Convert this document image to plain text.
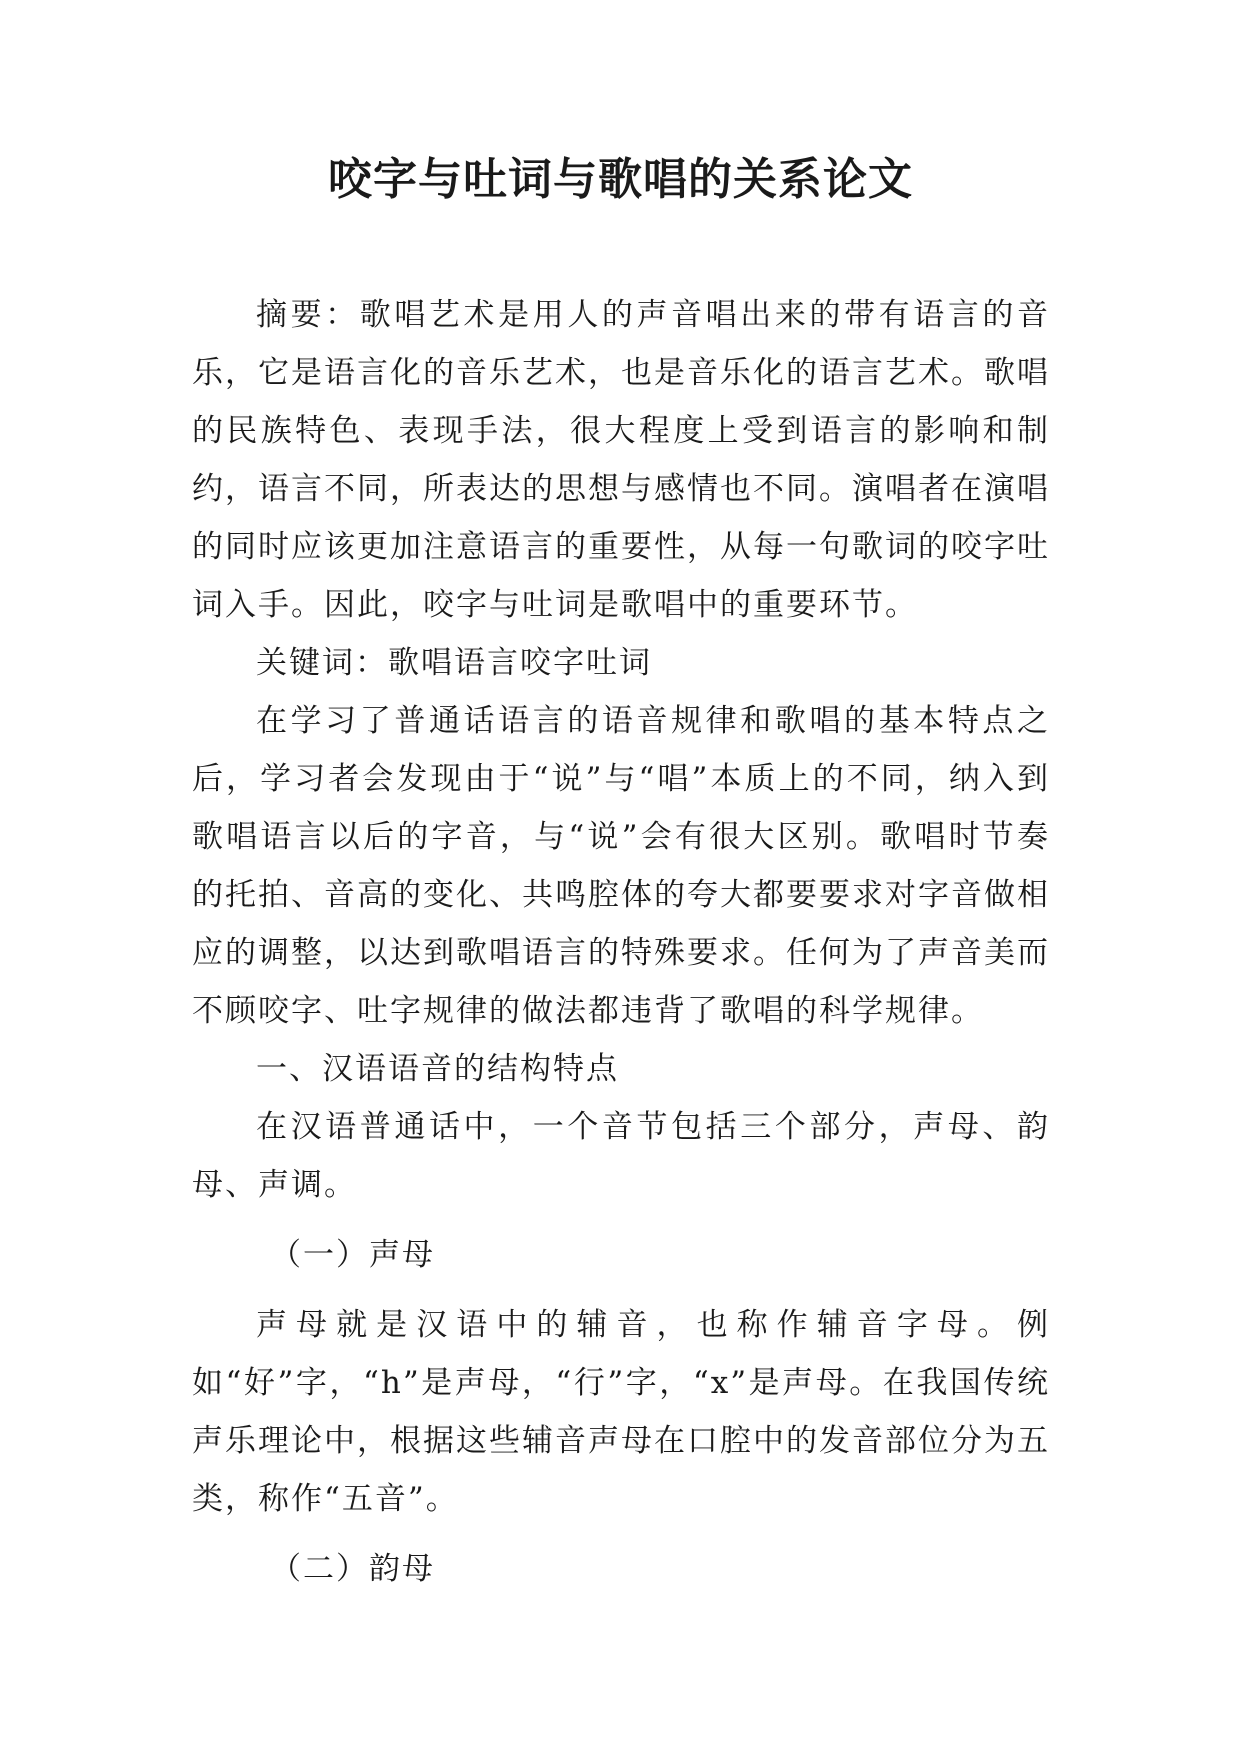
咬字与吐词与歌唱的关系论文

摘要：歌唱艺术是用人的声音唱出来的带有语言的音乐，它是语言化的音乐艺术，也是音乐化的语言艺术。歌唱的民族特色、表现手法，很大程度上受到语言的影响和制约，语言不同，所表达的思想与感情也不同。演唱者在演唱的同时应该更加注意语言的重要性，从每一句歌词的咬字吐词入手。因此，咬字与吐词是歌唱中的重要环节。

关键词：歌唱语言咬字吐词

在学习了普通话语言的语音规律和歌唱的基本特点之后，学习者会发现由于“说”与“唱”本质上的不同，纳入到歌唱语言以后的字音，与“说”会有很大区别。歌唱时节奏的托拍、音高的变化、共鸣腔体的夸大都要要求对字音做相应的调整，以达到歌唱语言的特殊要求。任何为了声音美而不顾咬字、吐字规律的做法都违背了歌唱的科学规律。

一、汉语语音的结构特点

在汉语普通话中，一个音节包括三个部分，声母、韵母、声调。

（一）声母

声母就是汉语中的辅音，也称作辅音字母。例如“好”字，“h”是声母，“行”字，“x”是声母。在我国传统声乐理论中，根据这些辅音声母在口腔中的发音部位分为五类，称作“五音”。

（二）韵母
